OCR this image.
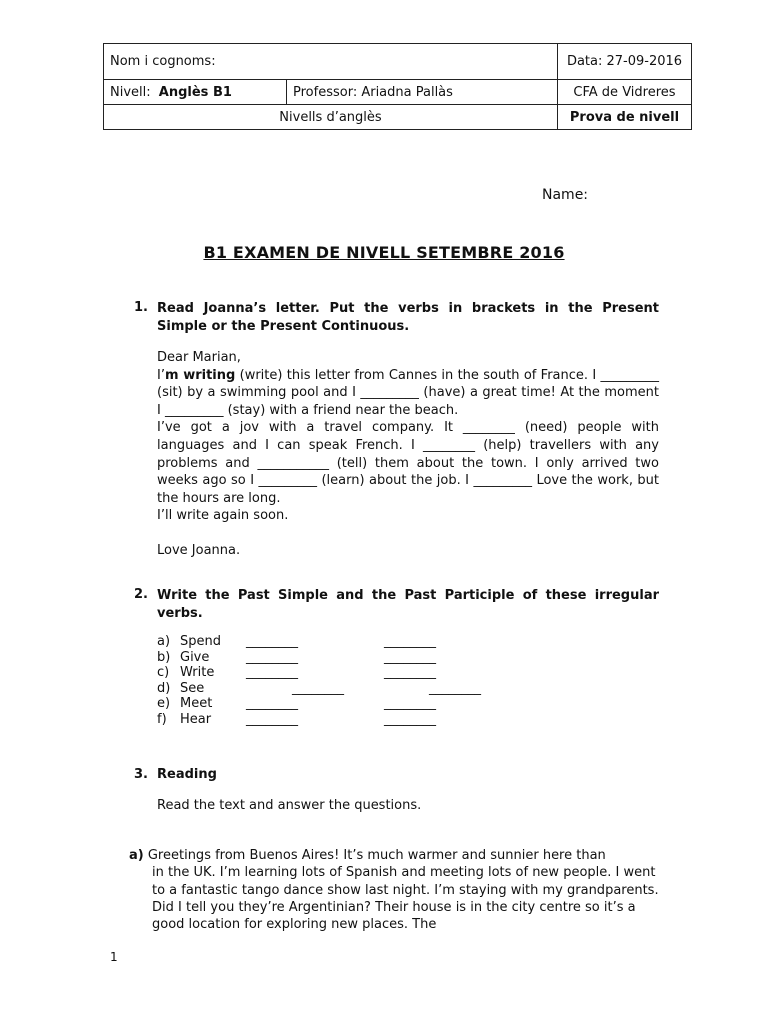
Nom i cognoms:		Data: 27-09-2016
Nivell: Anglès B1	Professor: Ariadna Pallàs	CFA de Vidreres
Nivells d’anglès		Prova de nivell
Name:
B1 EXAMEN DE NIVELL SETEMBRE 2016
1. Read Joanna’s letter. Put the verbs in brackets in the Present Simple or the Present Continuous.

Dear Marian,

I’m writing (write) this letter from Cannes in the south of France. I _________ (sit) by a swimming pool and I _________ (have) a great time! At the moment I _________ (stay) with a friend near the beach.

I’ve got a jov with a travel company. It ________ (need) people with languages and I can speak French. I ________ (help) travellers with any problems and ___________ (tell) them about the town. I only arrived two weeks ago so I _________ (learn) about the job. I _________ Love the work, but the hours are long.

I’ll write again soon.

Love Joanna.

2. Write the Past Simple and the Past Participle of these irregular verbs.
a) Spend ________	________
b) Give	________	________
c) Write ________	________
d) See	________	________
e) Meet	________	________
f) Hear	________	________
3. Reading
Read the text and answer the questions.
a) Greetings from Buenos Aires! It’s much warmer and sunnier here than
in the UK. I’m learning lots of Spanish and meeting lots of new people. I went to a fantastic tango dance show last night. I’m staying with my grandparents. Did I tell you they’re Argentinian? Their house is in the city centre so it’s a good location for exploring new places. The
1
